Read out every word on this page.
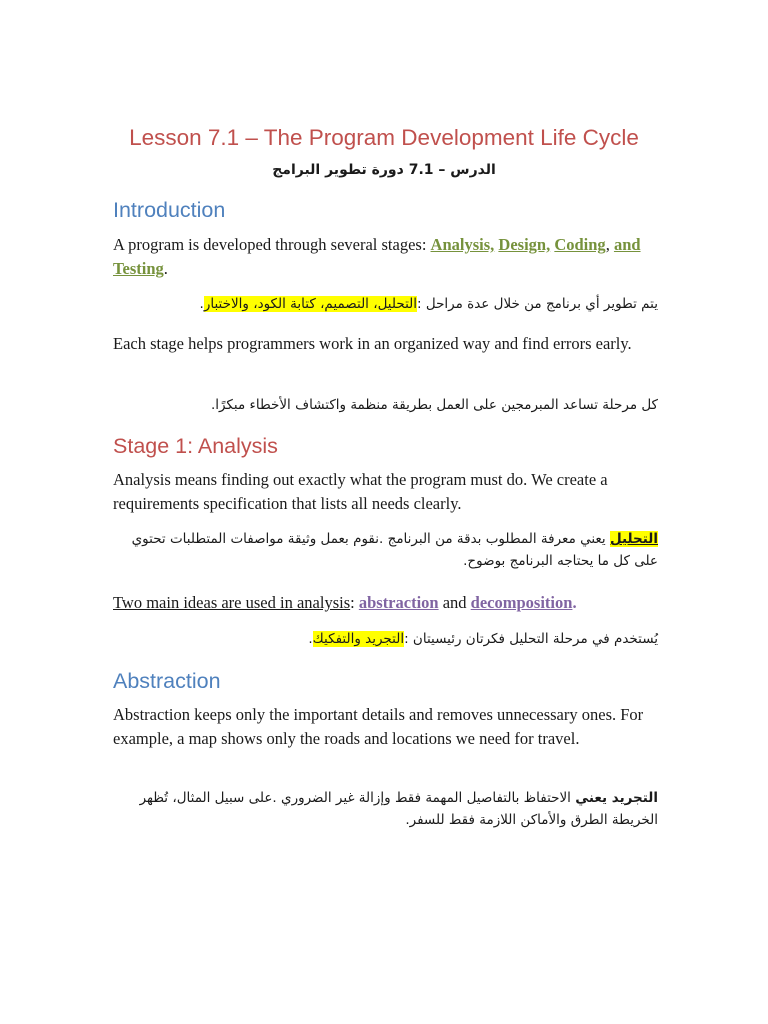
Lesson 7.1 – The Program Development Life Cycle
الدرس – 7.1 دورة تطوير البرامج
Introduction

A program is developed through several stages: Analysis, Design, Coding, and Testing.

يتم تطوير أي برنامج من خلال عدة مراحل :التحليل، التصميم، كتابة الكود، والاختبار.

Each stage helps programmers work in an organized way and find errors early.

كل مرحلة تساعد المبرمجين على العمل بطريقة منظمة واكتشاف الأخطاء مبكرًا.

Stage 1: Analysis

Analysis means finding out exactly what the program must do. We create a requirements specification that lists all needs clearly.

التحليل يعني معرفة المطلوب بدقة من البرنامج .نقوم بعمل وثيقة مواصفات المتطلبات تحتوي على كل ما يحتاجه البرنامج بوضوح.

Two main ideas are used in analysis: abstraction and decomposition.

يُستخدم في مرحلة التحليل فكرتان رئيسيتان :التجريد والتفكيك.

Abstraction

Abstraction keeps only the important details and removes unnecessary ones. For example, a map shows only the roads and locations we need for travel.

التجريد يعني الاحتفاظ بالتفاصيل المهمة فقط وإزالة غير الضروري .على سبيل المثال، تُظهر الخريطة الطرق والأماكن اللازمة فقط للسفر.
